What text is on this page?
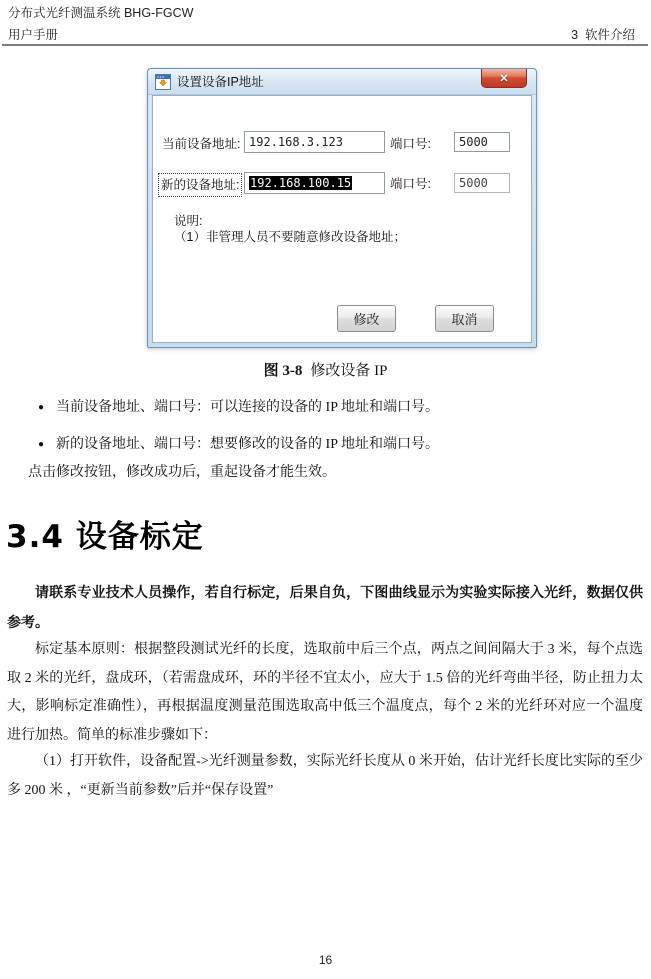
分布式光纤测温系统 BHG-FGCW
用户手册	3  软件介绍
设置设备IP地址	✕
当前设备地址: 192.168.3.123	端口号: 5000
新的设备地址: 192.168.100.15	端口号: 5000
说明:
（1）非管理人员不要随意修改设备地址；
修改	取消
图 3-8 修改设备 IP
● 当前设备地址、端口号：可以连接的设备的 IP 地址和端口号。
● 新的设备地址、端口号：想要修改的设备的 IP 地址和端口号。
点击修改按钮，修改成功后，重起设备才能生效。
3.4 设备标定
请联系专业技术人员操作，若自行标定，后果自负，下图曲线显示为实验实际接入光纤，数据仅供参考。
标定基本原则：根据整段测试光纤的长度，选取前中后三个点，两点之间间隔大于 3 米，每个点选取 2 米的光纤，盘成环，（若需盘成环，环的半径不宜太小，应大于 1.5 倍的光纤弯曲半径，防止扭力太大，影响标定准确性），再根据温度测量范围选取高中低三个温度点，每个 2 米的光纤环对应一个温度进行加热。简单的标准步骤如下：
（1）打开软件，设备配置->光纤测量参数，实际光纤长度从 0 米开始，估计光纤长度比实际的至少多 200 米 ，“更新当前参数”后并“保存设置”
16
